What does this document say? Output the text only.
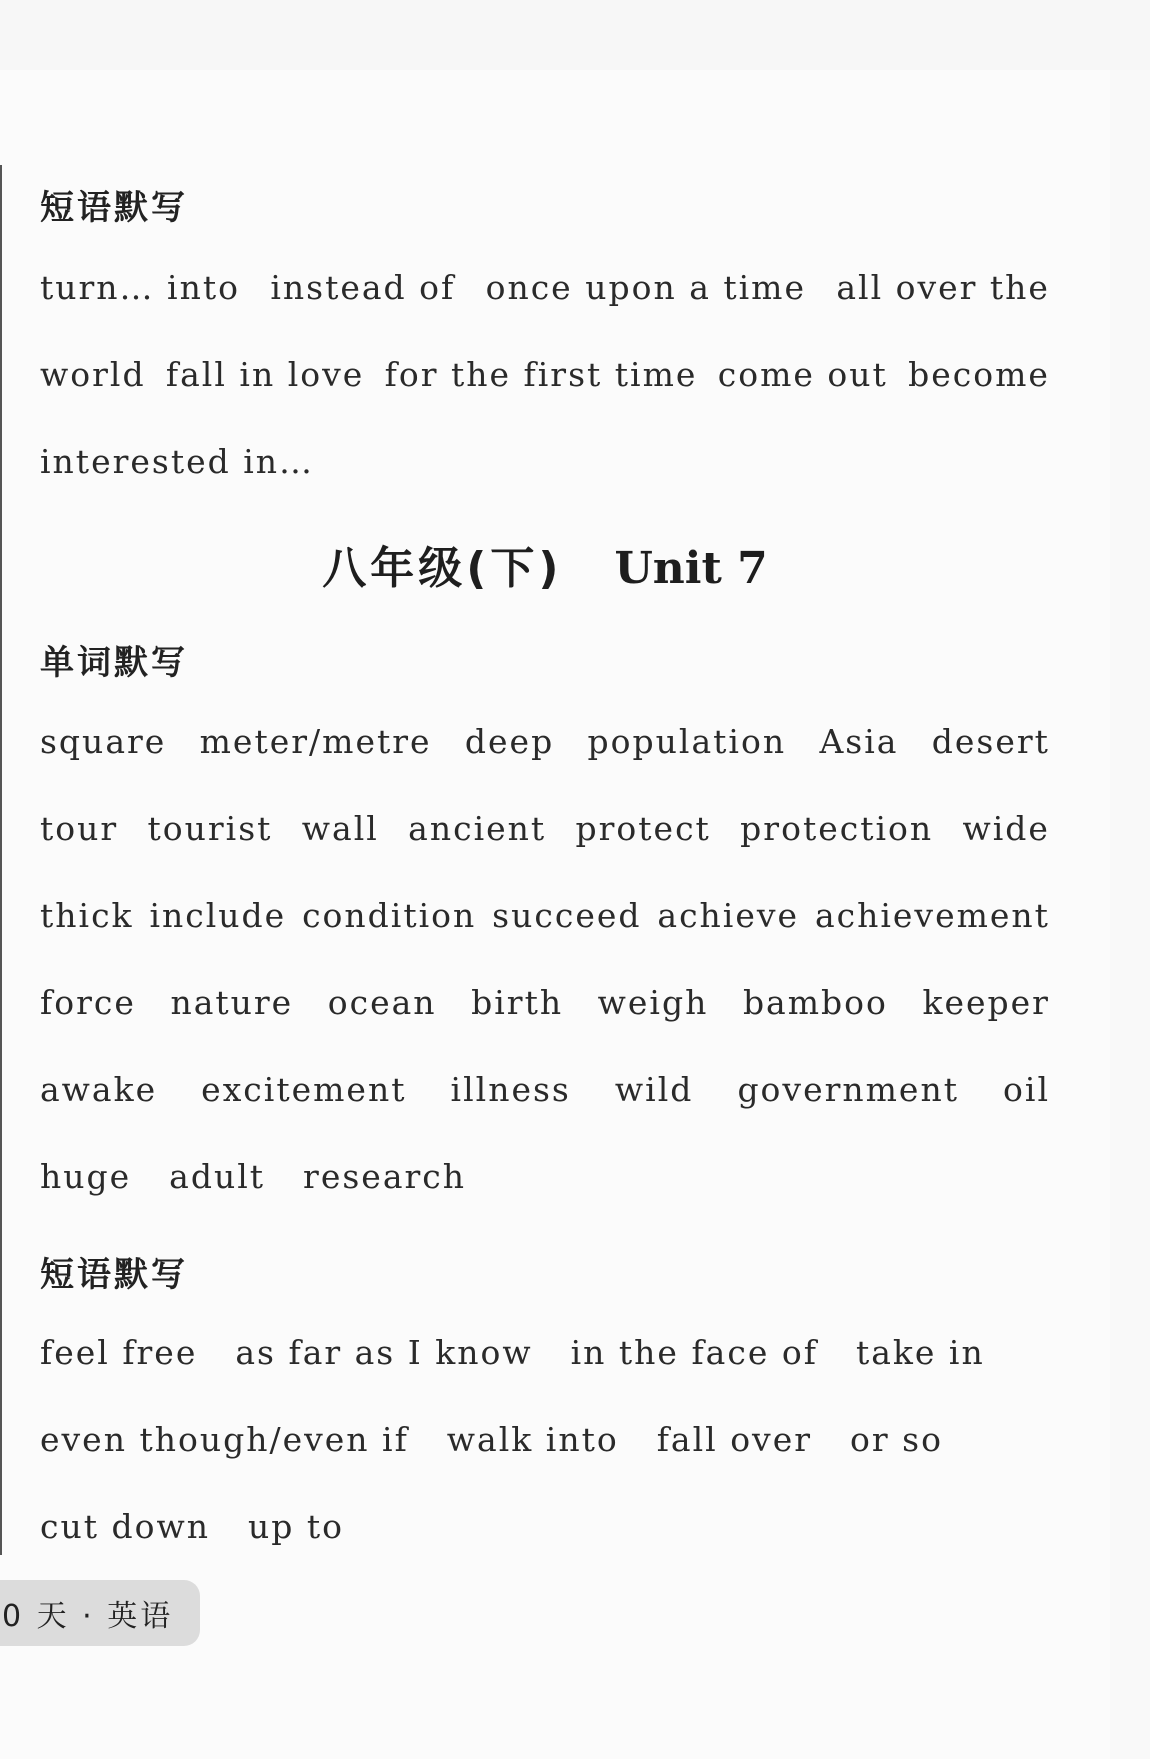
短语默写
turn… into instead of once upon a time all over the
world fall in love for the first time come out become
interested in…
八年级(下) Unit 7
单词默写
square meter/metre deep population Asia desert
tour tourist wall ancient protect protection wide
thick include condition succeed achieve achievement
force nature ocean birth weigh bamboo keeper
awake excitement illness wild government oil
huge adult research
短语默写
feel free as far as I know in the face of take in
even though/even if walk into fall over or so
cut down up to

0 天 · 英语
